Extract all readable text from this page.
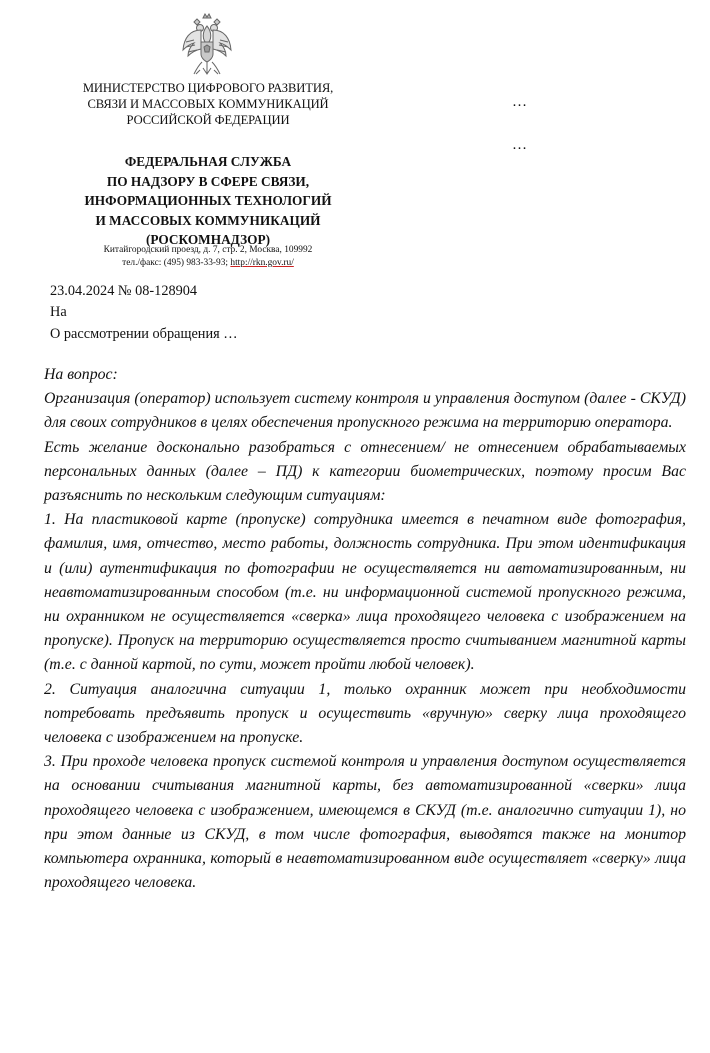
МИНИСТЕРСТВО ЦИФРОВОГО РАЗВИТИЯ,
СВЯЗИ И МАССОВЫХ КОММУНИКАЦИЙ
РОССИЙСКОЙ ФЕДЕРАЦИИ
ФЕДЕРАЛЬНАЯ СЛУЖБА
ПО НАДЗОРУ В СФЕРЕ СВЯЗИ,
ИНФОРМАЦИОННЫХ ТЕХНОЛОГИЙ
И МАССОВЫХ КОММУНИКАЦИЙ
(РОСКОМНАДЗОР)
Китайгородский проезд, д. 7, стр. 2, Москва, 109992
тел./факс: (495) 983-33-93; http://rkn.gov.ru/
…
…
23.04.2024 № 08-128904
На
О рассмотрении обращения …

На вопрос:

Организация (оператор) использует систему контроля и управления доступом (далее - СКУД) для своих сотрудников в целях обеспечения пропускного режима на территорию оператора.

Есть желание досконально разобраться с отнесением/ не отнесением обрабатываемых персональных данных (далее – ПД) к категории биометрических, поэтому просим Вас разъяснить по нескольким следующим ситуациям:

1. На пластиковой карте (пропуске) сотрудника имеется в печатном виде фотография, фамилия, имя, отчество, место работы, должность сотрудника. При этом идентификация и (или) аутентификация по фотографии не осуществляется ни автоматизированным, ни неавтоматизированным способом (т.е. ни информационной системой пропускного режима, ни охранником не осуществляется «сверка» лица проходящего человека с изображением на пропуске). Пропуск на территорию осуществляется просто считыванием магнитной карты (т.е. с данной картой, по сути, может пройти любой человек).

2. Ситуация аналогична ситуации 1, только охранник может при необходимости потребовать предъявить пропуск и осуществить «вручную» сверку лица проходящего человека с изображением на пропуске.

3. При проходе человека пропуск системой контроля и управления доступом осуществляется на основании считывания магнитной карты, без автоматизированной «сверки» лица проходящего человека с изображением, имеющемся в СКУД (т.е. аналогично ситуации 1), но при этом данные из СКУД, в том числе фотография, выводятся также на монитор компьютера охранника, который в неавтоматизированном виде осуществляет «сверку» лица проходящего человека.
